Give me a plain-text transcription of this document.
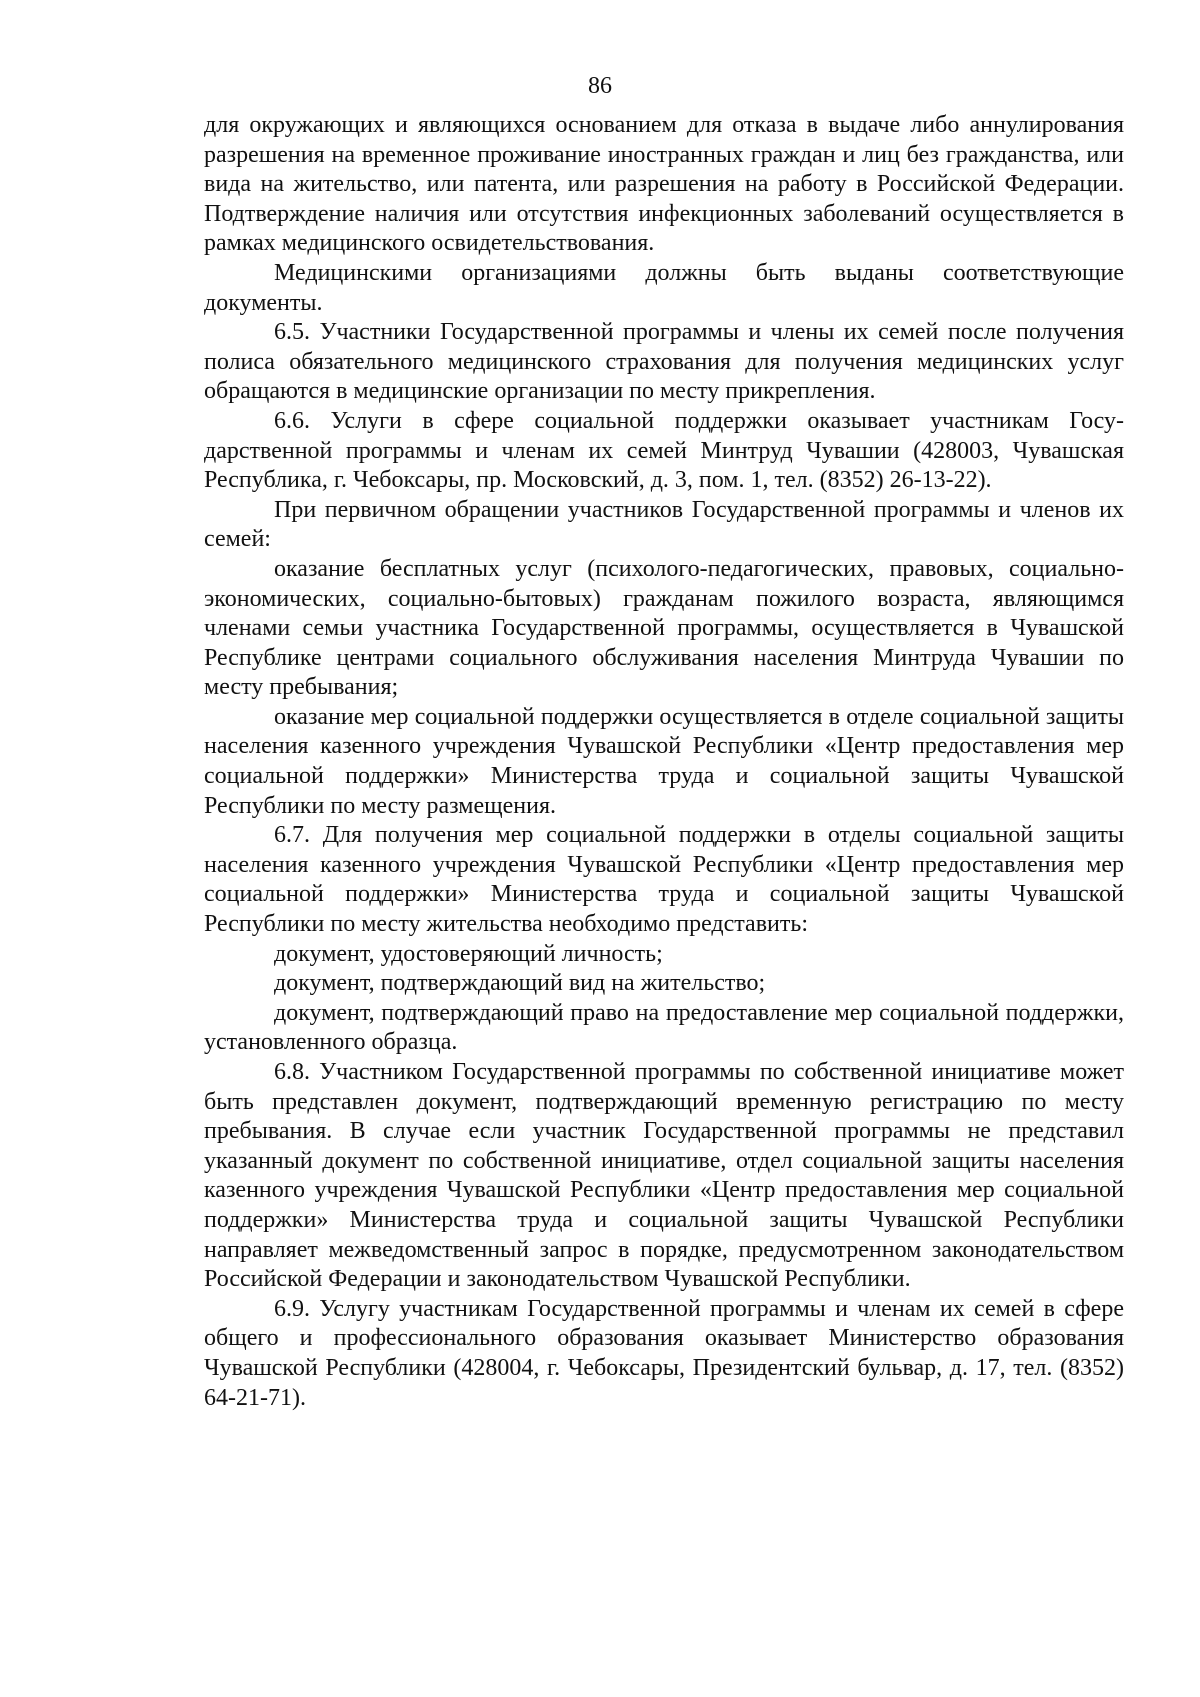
86

для окружающих и являющихся основанием для отказа в выдаче либо аннулирования разрешения на временное проживание иностранных граждан и лиц без гражданства, или вида на жительство, или патента, или разрешения на работу в Российской Федерации. Подтверждение наличия или отсутствия инфекционных заболеваний осуществляется в рамках медицинского освидетельствования.

Медицинскими организациями должны быть выданы соответствующие документы.

6.5. Участники Государственной программы и члены их семей после получения полиса обязательного медицинского страхования для получения медицинских услуг обращаются в медицинские организации по месту прикрепления.

6.6. Услуги в сфере социальной поддержки оказывает участникам Государственной программы и членам их семей Минтруд Чувашии (428003, Чувашская Республика, г. Чебоксары, пр. Московский, д. 3, пом. 1, тел. (8352) 26-13-22).

При первичном обращении участников Государственной программы и членов их семей:

оказание бесплатных услуг (психолого-педагогических, правовых, социально-экономических, социально-бытовых) гражданам пожилого возраста, являющимся членами семьи участника Государственной программы, осуществляется в Чувашской Республике центрами социального обслуживания населения Минтруда Чувашии по месту пребывания;

оказание мер социальной поддержки осуществляется в отделе социальной защиты населения казенного учреждения Чувашской Республики «Центр предоставления мер социальной поддержки» Министерства труда и социальной защиты Чувашской Республики по месту размещения.

6.7. Для получения мер социальной поддержки в отделы социальной защиты населения казенного учреждения Чувашской Республики «Центр предоставления мер социальной поддержки» Министерства труда и социальной защиты Чувашской Республики по месту жительства необходимо представить:

документ, удостоверяющий личность;

документ, подтверждающий вид на жительство;

документ, подтверждающий право на предоставление мер социальной поддержки, установленного образца.

6.8. Участником Государственной программы по собственной инициативе может быть представлен документ, подтверждающий временную регистрацию по месту пребывания. В случае если участник Государственной программы не представил указанный документ по собственной инициативе, отдел социальной защиты населения казенного учреждения Чувашской Республики «Центр предоставления мер социальной поддержки» Министерства труда и социальной защиты Чувашской Республики направляет межведомственный запрос в порядке, предусмотренном законодательством Российской Федерации и законодательством Чувашской Республики.

6.9. Услугу участникам Государственной программы и членам их семей в сфере общего и профессионального образования оказывает Министерство образования Чувашской Республики (428004, г. Чебоксары, Президентский бульвар, д. 17, тел. (8352) 64-21-71).
